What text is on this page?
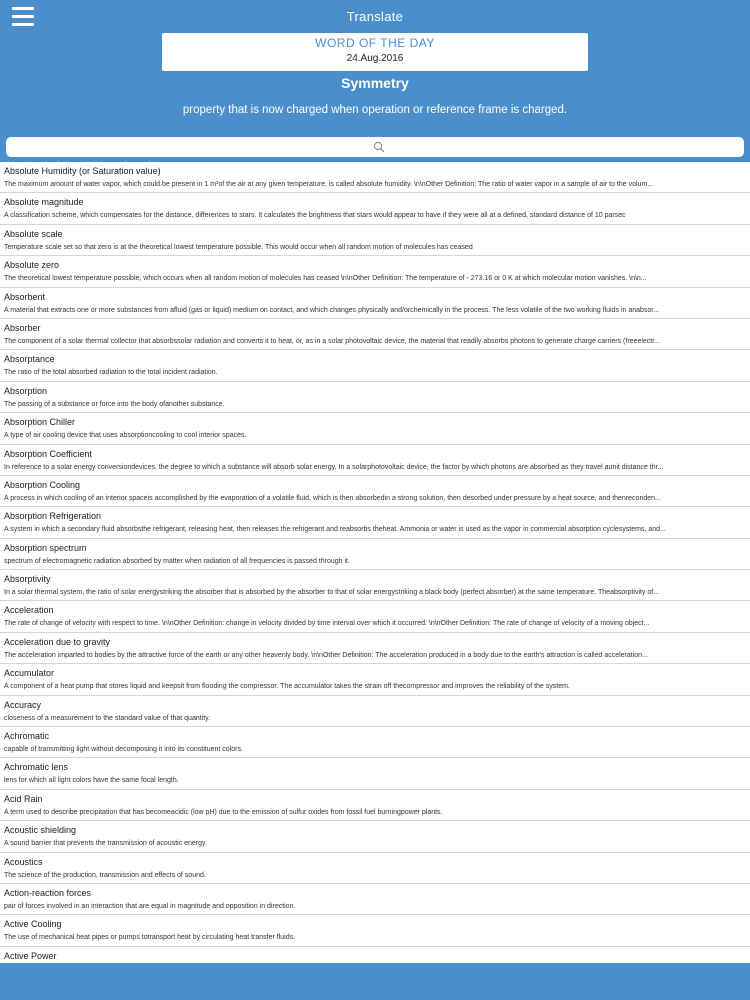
Translate
WORD OF THE DAY
24.Aug.2016
Symmetry
property that is now charged when operation or reference frame is charged.
Absolute Humidity (or Saturation value)
The maximum amount of water vapor, which could be present in 1 m³of the air at any given temperature, is called absolute humidity. \n\nOther Definition: The ratio of water vapor in a sample of air to the volum...
Absolute magnitude
A classification scheme, which compensates for the distance, differences to stars. It calculates the brightness that stars would appear to have if they were all at a defined, standard distance of 10 parsec
Absolute scale
Temperature scale set so that zero is at the theoretical lowest temperature possible. This would occur when all random motion of molecules has ceased
Absolute zero
The theoretical lowest temperature possible, which occurs when all random motion of molecules has ceased \n\nOther Definition: The temperature of - 273.16 or 0 K at which molecular motion vanishes. \n\n...
Absorbent
A material that extracts one or more substances from afluid (gas or liquid) medium on contact, and which changes physically and/orchemically in the process. The less volatile of the two working fluids in anabsor...
Absorber
The component of a solar thermal collector that absorbssolar radiation and converts it to heat, or, as in a solar photovoltaic device, the material that readily absorbs photons to generate charge carriers (freeelectr...
Absorptance
The ratio of the total absorbed radiation to the total incident radiation.
Absorption
The passing of a substance or force into the body ofanother substance.
Absorption Chiller
A type of air cooling device that uses absorptioncooling to cool interior spaces.
Absorption Coefficient
In reference to a solar energy conversiondevices, the degree to which a substance will absorb solar energy. In a solarphotovoltaic device, the factor by which photons are absorbed as they travel aunit distance thr...
Absorption Cooling
A process in which cooling of an interior spaceis accomplished by the evaporation of a volatile fluid, which is then absorbedin a strong solution, then desorbed under pressure by a heat source, and thenreconden...
Absorption Refrigeration
A system in which a secondary fluid absorbsthe refrigerant, releasing heat, then releases the refrigerant and reabsorbs theheat. Ammonia or water is used as the vapor in commercial absorption cyclesystems, and...
Absorption spectrum
spectrum of electromagnetic radiation absorbed by matter when radiation of all frequencies is passed through it.
Absorptivity
In a solar thermal system, the ratio of solar energystriking the absorber that is absorbed by the absorber to that of solar energystriking a black body (perfect absorber) at the same temperature. Theabsorptivity of...
Acceleration
The rate of change of velocity with respect to time. \n\nOther Definition: change in velocity divided by time interval over which it occurred. \n\nOther Definition: The rate of change of velocity of a moving object...
Acceleration due to gravity
The acceleration imparted to bodies by the attractive force of the earth or any other heavenly body. \n\nOther Definition: The acceleration produced in a body due to the earth's attraction is called acceleration...
Accumulator
A component of a heat pump that stores liquid and keepsit from flooding the compressor. The accumulator takes the strain off thecompressor and improves the reliability of the system.
Accuracy
closeness of a measurement to the standard value of that quantity.
Achromatic
capable of transmitting light without decomposing it into its constituent colors.
Achromatic lens
lens for which all light colors have the same focal length.
Acid Rain
A term used to describe precipitation that has becomeacidic (low pH) due to the emission of sulfur oxides from fossil fuel burningpower plants.
Acoustic shielding
A sound barrier that prevents the transmission of acoustic energy.
Acoustics
The science of the production, transmission and effects of sound.
Action-reaction forces
pair of forces involved in an interaction that are equal in magnitude and opposition in direction.
Active Cooling
The use of mechanical heat pipes or pumps totransport heat by circulating heat transfer fluids.
Active Power
